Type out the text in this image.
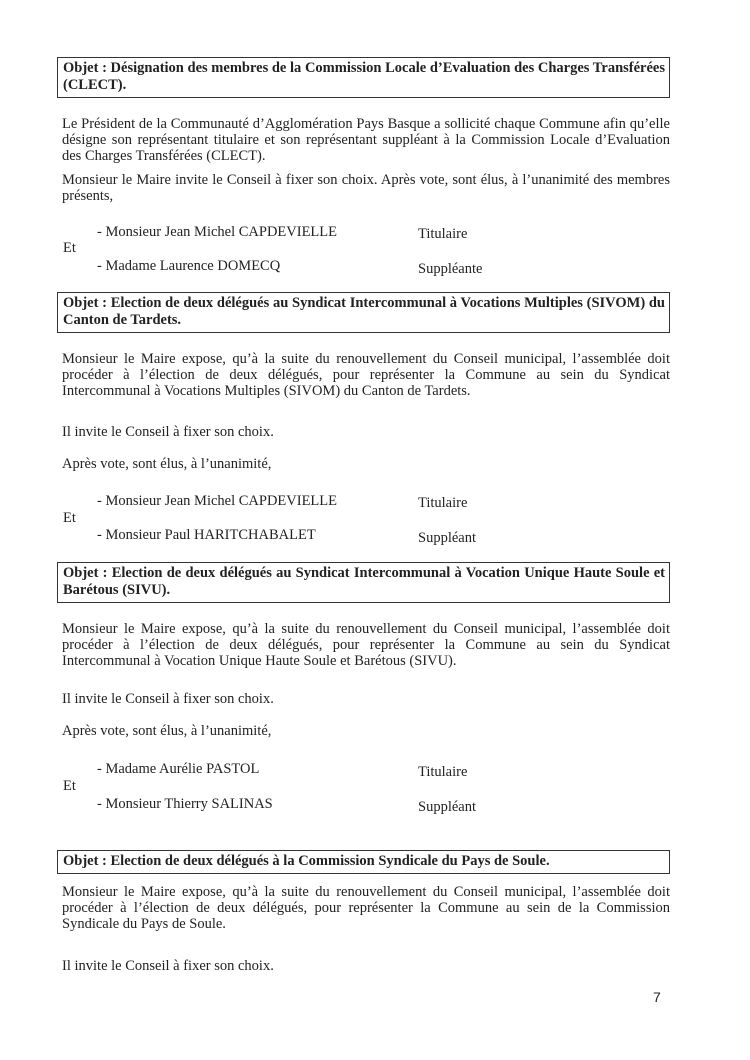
Objet : Désignation des membres de la Commission Locale d’Evaluation des Charges Transférées (CLECT).
Le Président de la Communauté d’Agglomération Pays Basque a sollicité chaque Commune afin qu’elle désigne son représentant titulaire et son représentant suppléant à la Commission Locale d’Evaluation des Charges Transférées (CLECT).
Monsieur le Maire invite le Conseil à fixer son choix. Après vote, sont élus, à l’unanimité des membres présents,
- Monsieur Jean Michel CAPDEVIELLE	Titulaire
Et
- Madame Laurence DOMECQ	Suppléante
Objet : Election de deux délégués au Syndicat Intercommunal à Vocations Multiples (SIVOM) du Canton de Tardets.
Monsieur le Maire expose, qu’à la suite du renouvellement du Conseil municipal, l’assemblée doit procéder à l’élection de deux délégués, pour représenter la Commune au sein du Syndicat Intercommunal à Vocations Multiples (SIVOM) du Canton de Tardets.
Il invite le Conseil à fixer son choix.
Après vote, sont élus, à l’unanimité,
- Monsieur Jean Michel CAPDEVIELLE	Titulaire
Et
- Monsieur Paul HARITCHABALET	Suppléant
Objet : Election de deux délégués au Syndicat Intercommunal à Vocation Unique Haute Soule et Barétous (SIVU).
Monsieur le Maire expose, qu’à la suite du renouvellement du Conseil municipal, l’assemblée doit procéder à l’élection de deux délégués, pour représenter la Commune au sein du Syndicat Intercommunal à Vocation Unique Haute Soule et Barétous (SIVU).
Il invite le Conseil à fixer son choix.
Après vote, sont élus, à l’unanimité,
- Madame Aurélie PASTOL	Titulaire
Et
- Monsieur Thierry SALINAS	Suppléant
Objet : Election de deux délégués à la Commission Syndicale du Pays de Soule.
Monsieur le Maire expose, qu’à la suite du renouvellement du Conseil municipal, l’assemblée doit procéder à l’élection de deux délégués, pour représenter la Commune au sein de la Commission Syndicale du Pays de Soule.
Il invite le Conseil à fixer son choix.
7
